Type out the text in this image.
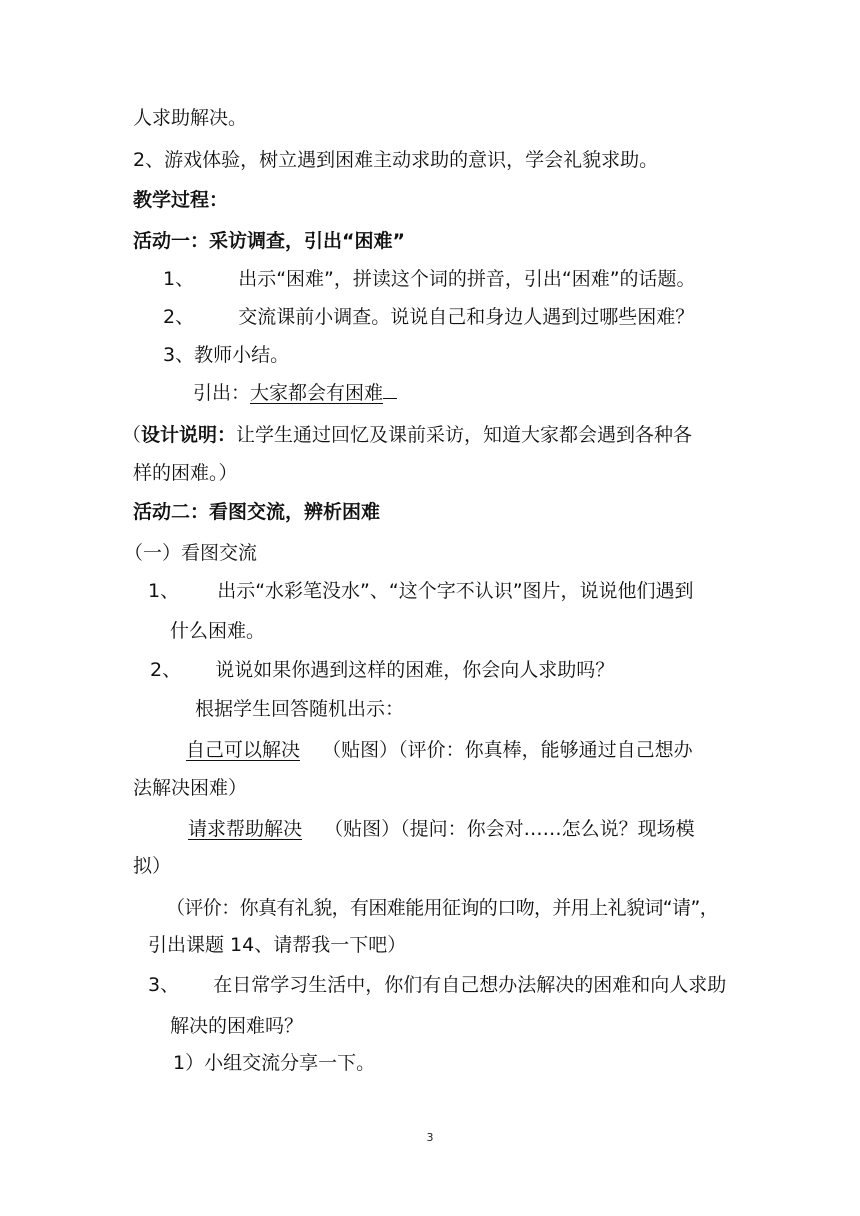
人求助解决。
2、游戏体验，树立遇到困难主动求助的意识，学会礼貌求助。
教学过程：
活动一：采访调查，引出“困难”
1、 出示“困难”，拼读这个词的拼音，引出“困难”的话题。
2、 交流课前小调查。说说自己和身边人遇到过哪些困难？
3、教师小结。
引出：大家都会有困难
（设计说明：让学生通过回忆及课前采访，知道大家都会遇到各种各
样的困难。）
活动二：看图交流，辨析困难
（一）看图交流
1、 出示“水彩笔没水”、“这个字不认识”图片，说说他们遇到
什么困难。
2、 说说如果你遇到这样的困难，你会向人求助吗？
根据学生回答随机出示：
自己可以解决 （贴图）（评价：你真棒，能够通过自己想办
法解决困难）
请求帮助解决 （贴图）（提问：你会对……怎么说？现场模
拟）
（评价：你真有礼貌，有困难能用征询的口吻，并用上礼貌词“请”，
引出课题 14、请帮我一下吧）
3、 在日常学习生活中，你们有自己想办法解决的困难和向人求助
解决的困难吗？
1）小组交流分享一下。
3
